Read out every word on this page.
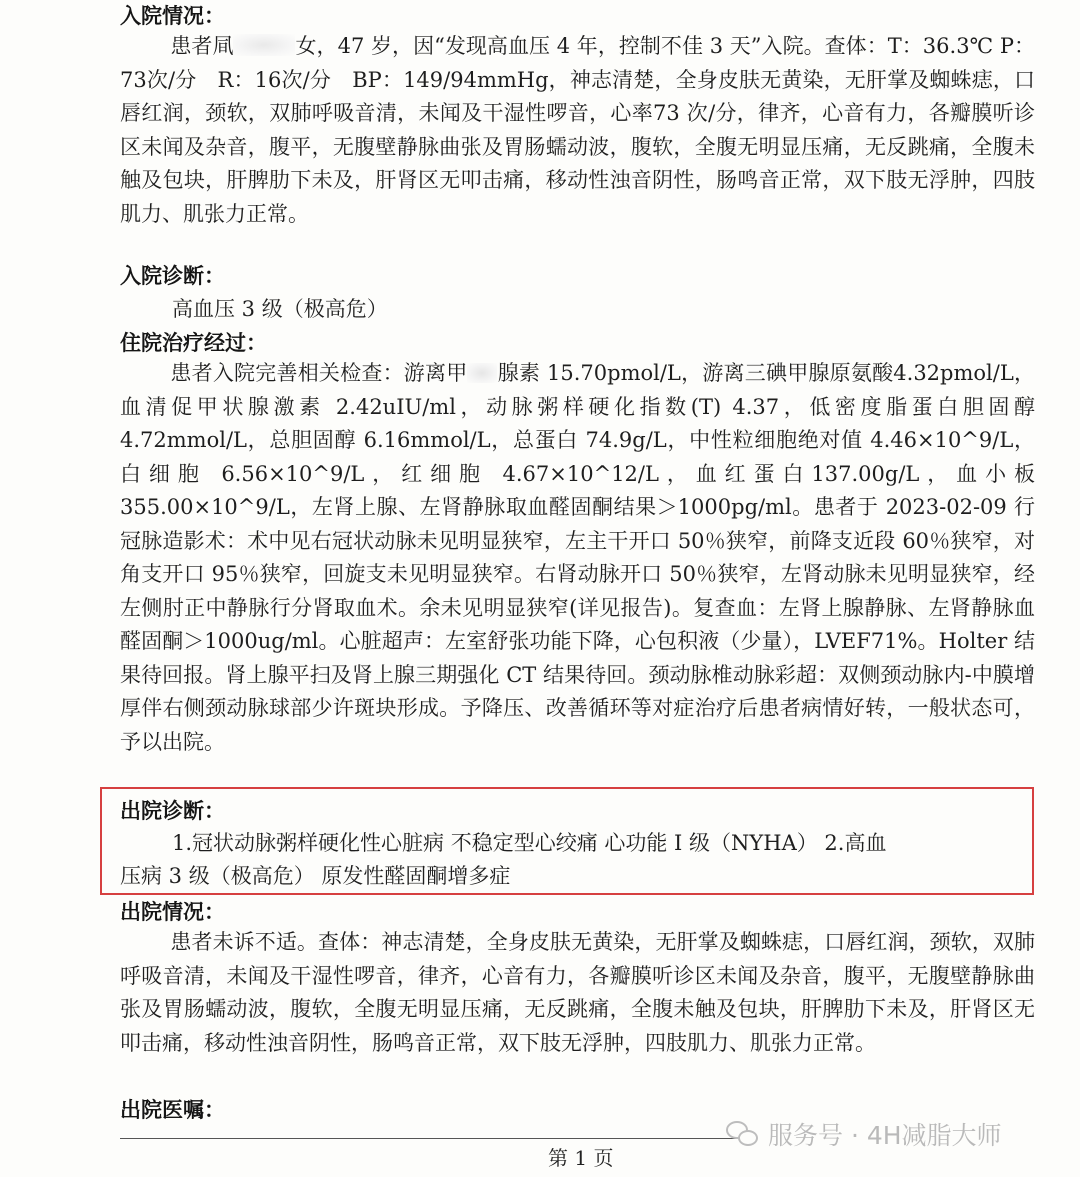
入院情况：
患者凬	女，47 岁，因“发现高血压 4 年，控制不佳 3 天”入院。查体：T：36.3℃ P：73次/分　R：16次/分　BP：149/94mmHg，神志清楚，全身皮肤无黄染，无肝掌及蜘蛛痣，口唇红润，颈软，双肺呼吸音清，未闻及干湿性啰音，心率73 次/分，律齐，心音有力，各瓣膜听诊区未闻及杂音，腹平，无腹壁静脉曲张及胃肠蠕动波，腹软，全腹无明显压痛，无反跳痛，全腹未触及包块，肝脾肋下未及，肝肾区无叩击痛，移动性浊音阴性，肠鸣音正常，双下肢无浮肿，四肢肌力、肌张力正常。
入院诊断：
高血压 3 级（极高危）
住院治疗经过：
患者入院完善相关检查：游离甲 腺素 15.70pmol/L，游离三碘甲腺原氨酸4.32pmol/L，血清促甲状腺激素 2.42uIU/ml，动脉粥样硬化指数(T) 4.37，低密度脂蛋白胆固醇 4.72mmol/L，总胆固醇 6.16mmol/L，总蛋白 74.9g/L，中性粒细胞绝对值 4.46×10^9/L，白细胞 6.56×10^9/L，红细胞 4.67×10^12/L，血红蛋白137.00g/L，血小板 355.00×10^9/L，左肾上腺、左肾静脉取血醛固酮结果＞1000pg/ml。患者于 2023-02-09 行冠脉造影术：术中见右冠状动脉未见明显狭窄，左主干开口 50％狭窄，前降支近段 60％狭窄，对角支开口 95％狭窄，回旋支未见明显狭窄。右肾动脉开口 50％狭窄，左肾动脉未见明显狭窄，经左侧肘正中静脉行分肾取血术。余未见明显狭窄(详见报告)。复查血：左肾上腺静脉、左肾静脉血醛固酮＞1000ug/ml。心脏超声：左室舒张功能下降，心包积液（少量），LVEF71%。Holter 结果待回报。肾上腺平扫及肾上腺三期强化 CT 结果待回。颈动脉椎动脉彩超：双侧颈动脉内-中膜增厚伴右侧颈动脉球部少许斑块形成。予降压、改善循环等对症治疗后患者病情好转，一般状态可，予以出院。
出院诊断：
1.冠状动脉粥样硬化性心脏病 不稳定型心绞痛 心功能 I 级（NYHA） 2.高血
压病 3 级（极高危） 原发性醛固酮增多症
出院情况：
患者未诉不适。查体：神志清楚，全身皮肤无黄染，无肝掌及蜘蛛痣，口唇红润，颈软，双肺呼吸音清，未闻及干湿性啰音，律齐，心音有力，各瓣膜听诊区未闻及杂音，腹平，无腹壁静脉曲张及胃肠蠕动波，腹软，全腹无明显压痛，无反跳痛，全腹未触及包块，肝脾肋下未及，肝肾区无叩击痛，移动性浊音阴性，肠鸣音正常，双下肢无浮肿，四肢肌力、肌张力正常。
出院医嘱：
第 1 页
服务号 · 4H减脂大师
